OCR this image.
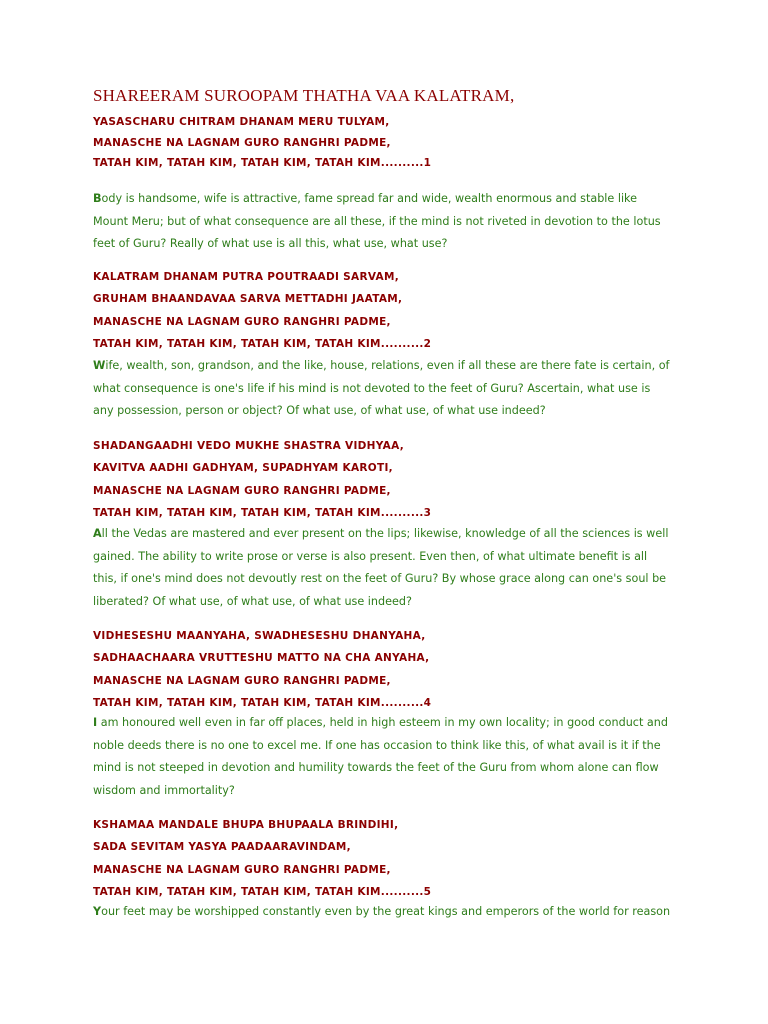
SHAREERAM SUROOPAM THATHA VAA KALATRAM,
YASASCHARU CHITRAM DHANAM MERU TULYAM,
MANASCHE NA LAGNAM GURO RANGHRI PADME,
TATAH KIM, TATAH KIM, TATAH KIM, TATAH KIM..........1
Body is handsome, wife is attractive, fame spread far and wide, wealth enormous and stable like Mount Meru; but of what consequence are all these, if the mind is not riveted in devotion to the lotus feet of Guru? Really of what use is all this, what use, what use?
KALATRAM DHANAM PUTRA POUTRAADI SARVAM,
GRUHAM BHAANDAVAA SARVA METTADHI JAATAM,
MANASCHE NA LAGNAM GURO RANGHRI PADME,
TATAH KIM, TATAH KIM, TATAH KIM, TATAH KIM..........2
Wife, wealth, son, grandson, and the like, house, relations, even if all these are there fate is certain, of what consequence is one's life if his mind is not devoted to the feet of Guru? Ascertain, what use is any possession, person or object? Of what use, of what use, of what use indeed?
SHADANGAADHI VEDO MUKHE SHASTRA VIDHYAA,
KAVITVA AADHI GADHYAM, SUPADHYAM KAROTI,
MANASCHE NA LAGNAM GURO RANGHRI PADME,
TATAH KIM, TATAH KIM, TATAH KIM, TATAH KIM..........3
All the Vedas are mastered and ever present on the lips; likewise, knowledge of all the sciences is well gained. The ability to write prose or verse is also present. Even then, of what ultimate benefit is all this, if one's mind does not devoutly rest on the feet of Guru? By whose grace along can one's soul be liberated? Of what use, of what use, of what use indeed?
VIDHESESHU MAANYAHA, SWADHESESHU DHANYAHA,
SADHAACHAARA VRUTTESHU MATTO NA CHA ANYAHA,
MANASCHE NA LAGNAM GURO RANGHRI PADME,
TATAH KIM, TATAH KIM, TATAH KIM, TATAH KIM..........4
I am honoured well even in far off places, held in high esteem in my own locality; in good conduct and noble deeds there is no one to excel me. If one has occasion to think like this, of what avail is it if the mind is not steeped in devotion and humility towards the feet of the Guru from whom alone can flow wisdom and immortality?
KSHAMAA MANDALE BHUPA BHUPAALA BRINDIHI,
SADA SEVITAM YASYA PAADAARAVINDAM,
MANASCHE NA LAGNAM GURO RANGHRI PADME,
TATAH KIM, TATAH KIM, TATAH KIM, TATAH KIM..........5
Your feet may be worshipped constantly even by the great kings and emperors of the world for reason
